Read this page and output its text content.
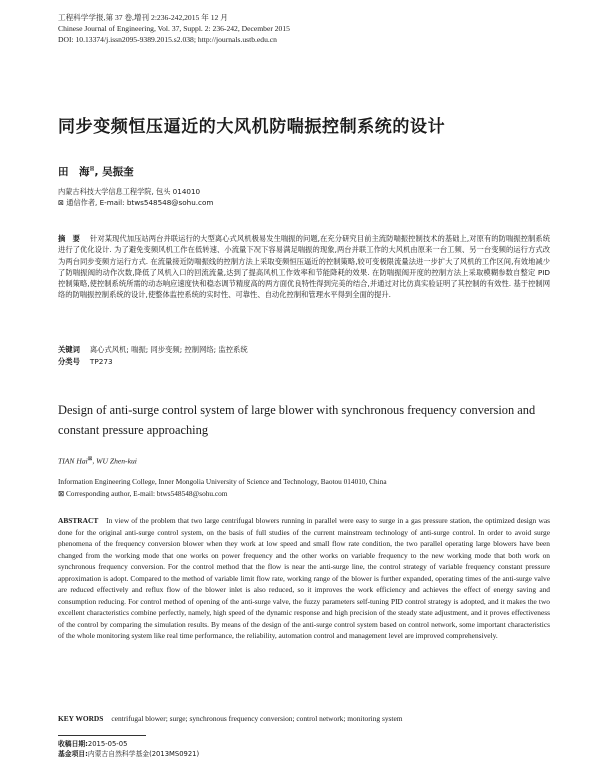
工程科学学报,第 37 卷,增刊 2:236-242,2015 年 12 月
Chinese Journal of Engineering, Vol. 37, Suppl. 2: 236-242, December 2015
DOI: 10.13374/j.issn2095-9389.2015.s2.038; http://journals.ustb.edu.cn
同步变频恒压逼近的大风机防喘振控制系统的设计
田　海⊠, 吴振奎
内蒙古科技大学信息工程学院, 包头 014010
⊠ 通信作者, E-mail: btws548548@sohu.com
摘　要 针对某现代加压站两台并联运行的大型离心式风机极易发生喘振的问题,在充分研究目前主流防喘振控制技术的基础上,对原有的防喘振控制系统进行了优化设计. 为了避免变频风机工作在低转速、小流量下况下容易满足喘振的现象,两台并联工作的大风机由原来一台工频、另一台变频的运行方式改为两台同步变频方运行方式. 在流量接近防喘振线的控制方法上采取变频恒压逼近的控制策略,较可变极限流量法进一步扩大了风机的工作区间,有效地减少了防喘振阀的动作次数,降低了风机入口的回流流量,达到了提高风机工作效率和节能降耗的效果. 在防喘振阀开度的控制方法上采取模糊参数自整定 PID 控制策略,使控制系统所需的动态响应速度快和稳态调节精度高的两方面优良特性得到完美的结合,并通过对比仿真实验证明了其控制的有效性. 基于控制网络的防喘振控制系统的设计,使整体监控系统的实时性、可靠性、自动化控制和管理水平得到全面的提升.
关键词 离心式风机; 喘振; 同步变频; 控制网络; 监控系统
分类号 TP273
Design of anti-surge control system of large blower with synchronous frequency conversion and constant pressure approaching
TIAN Hai⊠, WU Zhen-kui
Information Engineering College, Inner Mongolia University of Science and Technology, Baotou 014010, China
⊠ Corresponding author, E-mail: btws548548@sohu.com
ABSTRACT In view of the problem that two large centrifugal blowers running in parallel were easy to surge in a gas pressure station, the optimized design was done for the original anti-surge control system, on the basis of full studies of the current mainstream technology of anti-surge control. In order to avoid surge phenomena of the frequency conversion blower when they work at low speed and small flow rate condition, the two parallel operating large blowers have been changed from the working mode that one works on power frequency and the other works on variable frequency to the new working mode that both work on synchronous frequency conversion. For the control method that the flow is near the anti-surge line, the control strategy of variable frequency constant pressure approximation is adopt. Compared to the method of variable limit flow rate, working range of the blower is further expanded, operating times of the anti-surge valve are reduced effectively and reflux flow of the blower inlet is also reduced, so it improves the work efficiency and achieves the effect of energy saving and consumption reducing. For control method of opening of the anti-surge valve, the fuzzy parameters self-tuning PID control strategy is adopted, and it makes the two excellent characteristics combine perfectly, namely, high speed of the dynamic response and high precision of the steady state adjustment, and it proves effectiveness of the control by comparing the simulation results. By means of the design of the anti-surge control system based on control network, some important characteristics of the whole monitoring system like real time performance, the reliability, automation control and management level are improved comprehensively.
KEY WORDS centrifugal blower; surge; synchronous frequency conversion; control network; monitoring system
收稿日期:2015-05-05
基金项目:内蒙古自然科学基金(2013MS0921)
